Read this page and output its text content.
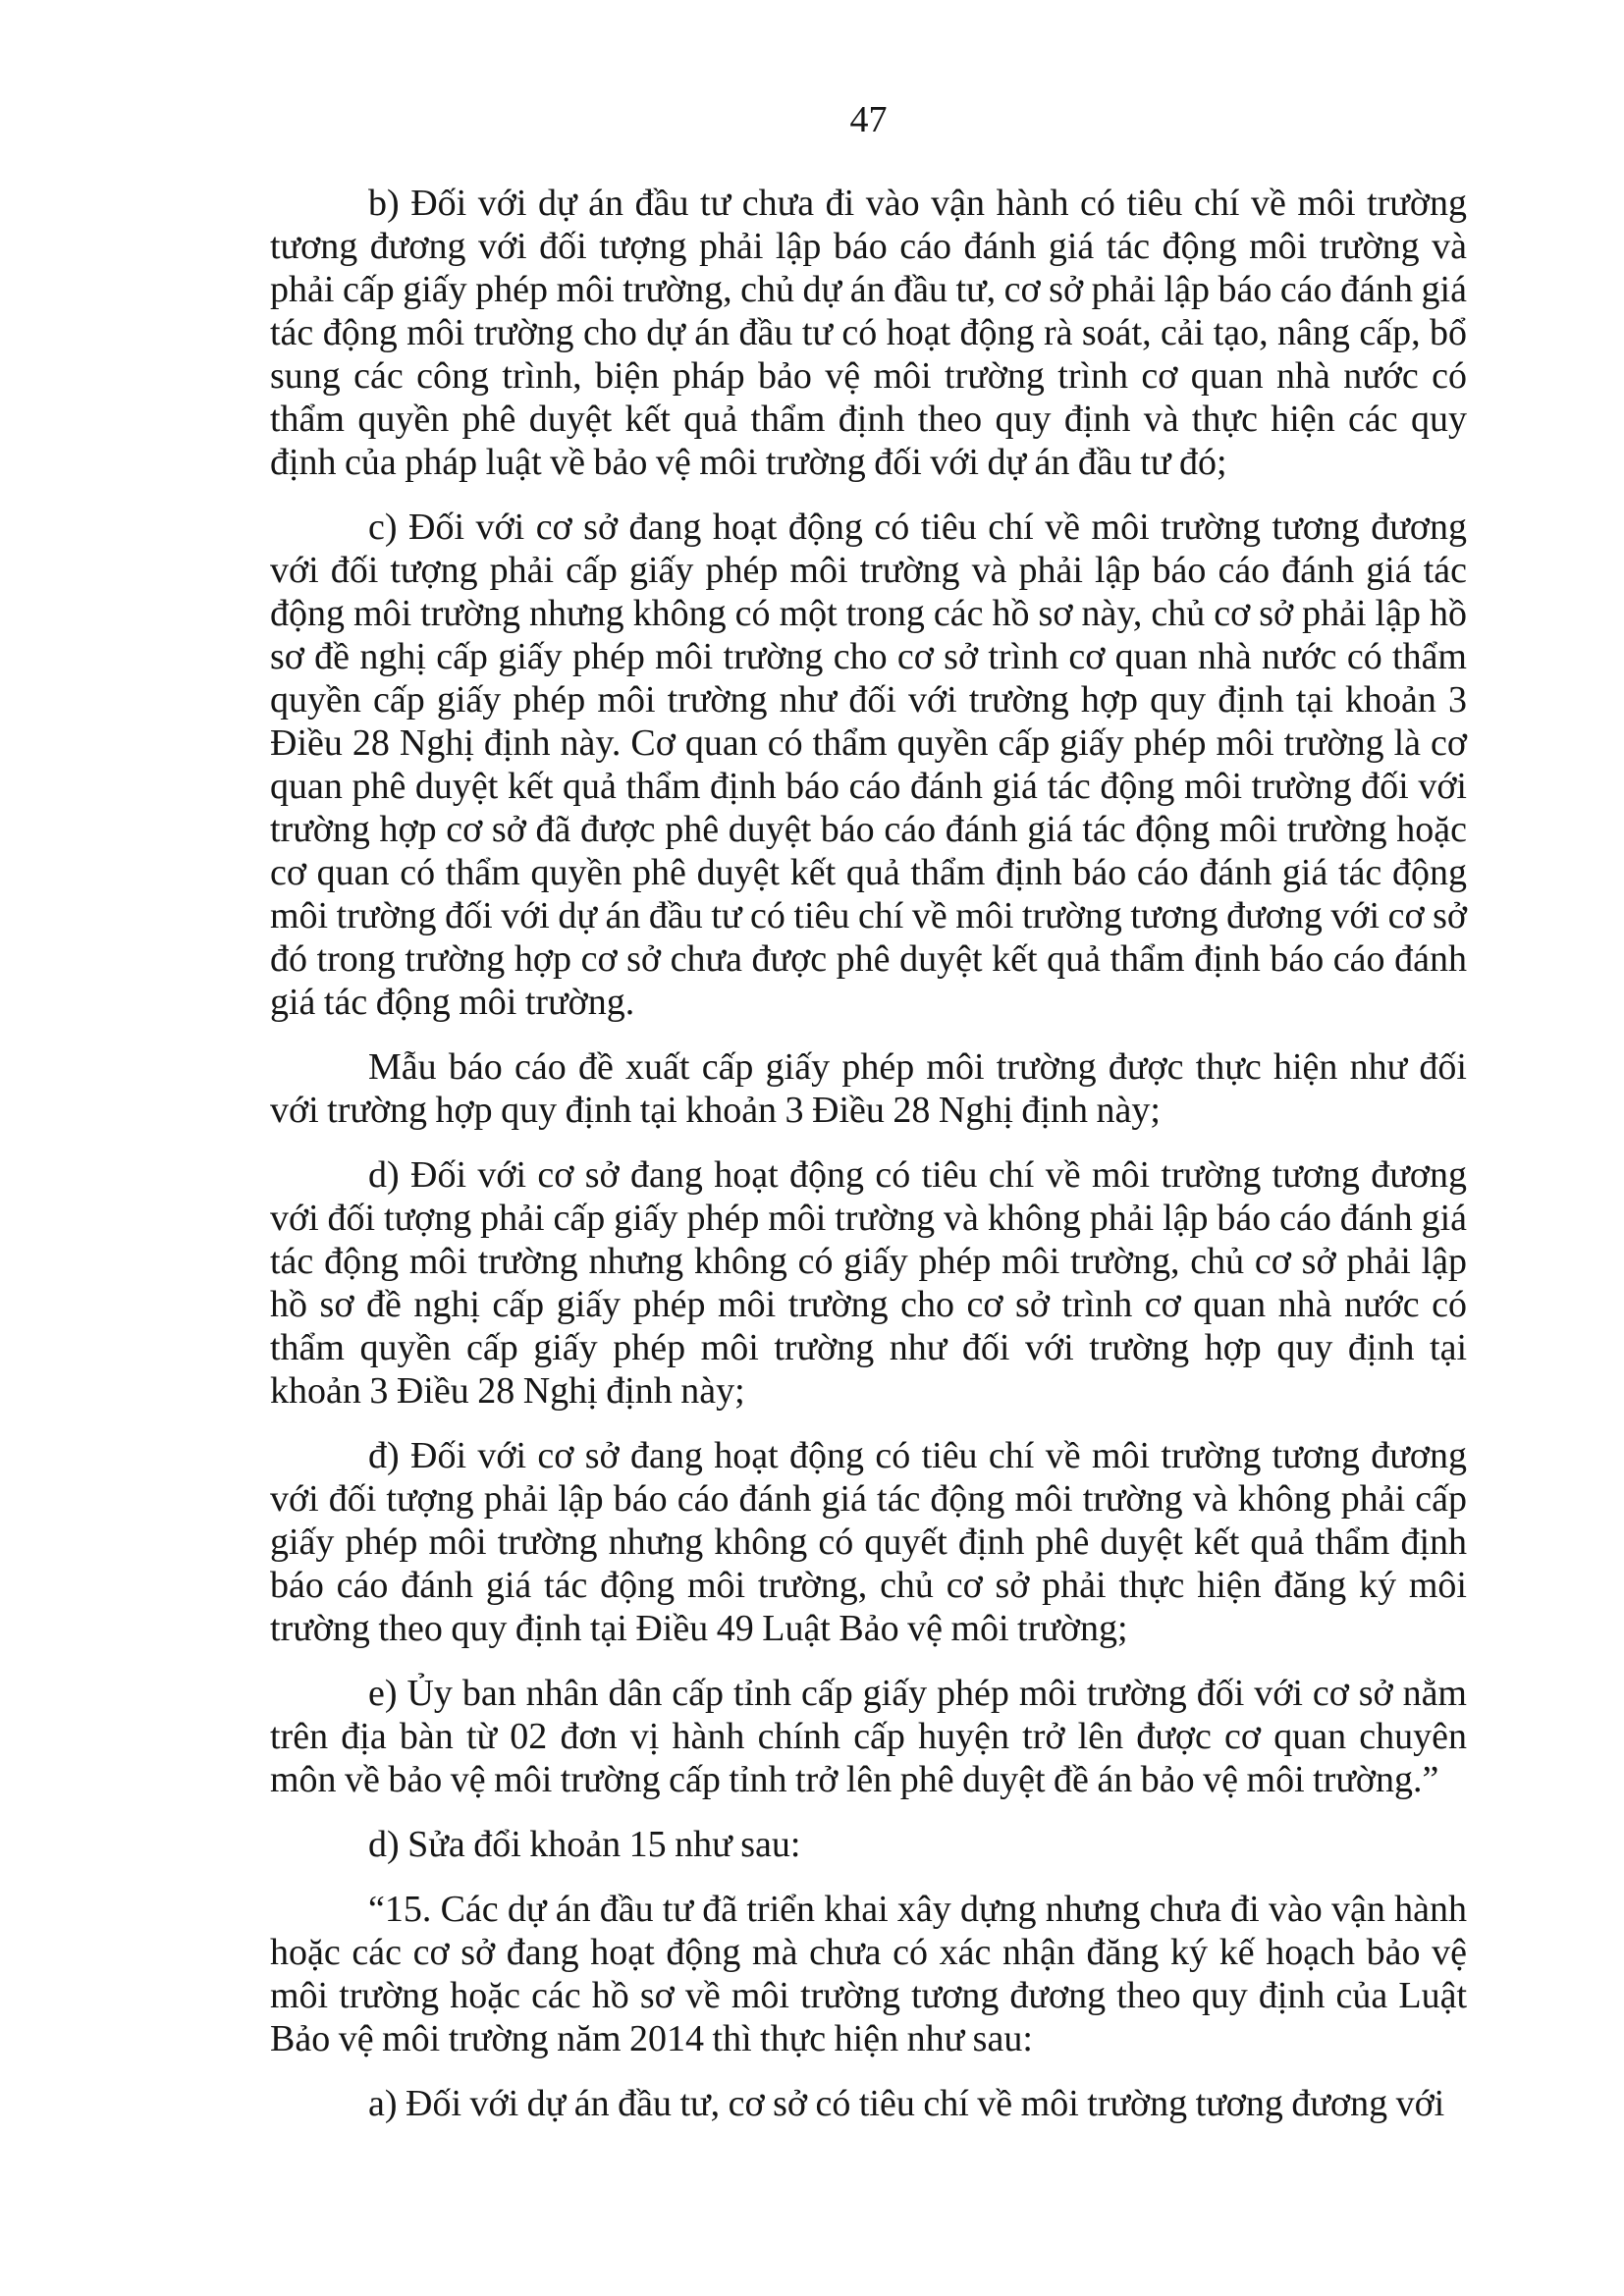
47

b) Đối với dự án đầu tư chưa đi vào vận hành có tiêu chí về môi trường tương đương với đối tượng phải lập báo cáo đánh giá tác động môi trường và phải cấp giấy phép môi trường, chủ dự án đầu tư, cơ sở phải lập báo cáo đánh giá tác động môi trường cho dự án đầu tư có hoạt động rà soát, cải tạo, nâng cấp, bổ sung các công trình, biện pháp bảo vệ môi trường trình cơ quan nhà nước có thẩm quyền phê duyệt kết quả thẩm định theo quy định và thực hiện các quy định của pháp luật về bảo vệ môi trường đối với dự án đầu tư đó;

c) Đối với cơ sở đang hoạt động có tiêu chí về môi trường tương đương với đối tượng phải cấp giấy phép môi trường và phải lập báo cáo đánh giá tác động môi trường nhưng không có một trong các hồ sơ này, chủ cơ sở phải lập hồ sơ đề nghị cấp giấy phép môi trường cho cơ sở trình cơ quan nhà nước có thẩm quyền cấp giấy phép môi trường như đối với trường hợp quy định tại khoản 3 Điều 28 Nghị định này. Cơ quan có thẩm quyền cấp giấy phép môi trường là cơ quan phê duyệt kết quả thẩm định báo cáo đánh giá tác động môi trường đối với trường hợp cơ sở đã được phê duyệt báo cáo đánh giá tác động môi trường hoặc cơ quan có thẩm quyền phê duyệt kết quả thẩm định báo cáo đánh giá tác động môi trường đối với dự án đầu tư có tiêu chí về môi trường tương đương với cơ sở đó trong trường hợp cơ sở chưa được phê duyệt kết quả thẩm định báo cáo đánh giá tác động môi trường.

Mẫu báo cáo đề xuất cấp giấy phép môi trường được thực hiện như đối với trường hợp quy định tại khoản 3 Điều 28 Nghị định này;

d) Đối với cơ sở đang hoạt động có tiêu chí về môi trường tương đương với đối tượng phải cấp giấy phép môi trường và không phải lập báo cáo đánh giá tác động môi trường nhưng không có giấy phép môi trường, chủ cơ sở phải lập hồ sơ đề nghị cấp giấy phép môi trường cho cơ sở trình cơ quan nhà nước có thẩm quyền cấp giấy phép môi trường như đối với trường hợp quy định tại khoản 3 Điều 28 Nghị định này;

đ) Đối với cơ sở đang hoạt động có tiêu chí về môi trường tương đương với đối tượng phải lập báo cáo đánh giá tác động môi trường và không phải cấp giấy phép môi trường nhưng không có quyết định phê duyệt kết quả thẩm định báo cáo đánh giá tác động môi trường, chủ cơ sở phải thực hiện đăng ký môi trường theo quy định tại Điều 49 Luật Bảo vệ môi trường;

e) Ủy ban nhân dân cấp tỉnh cấp giấy phép môi trường đối với cơ sở nằm trên địa bàn từ 02 đơn vị hành chính cấp huyện trở lên được cơ quan chuyên môn về bảo vệ môi trường cấp tỉnh trở lên phê duyệt đề án bảo vệ môi trường.”

d) Sửa đổi khoản 15 như sau:

“15. Các dự án đầu tư đã triển khai xây dựng nhưng chưa đi vào vận hành hoặc các cơ sở đang hoạt động mà chưa có xác nhận đăng ký kế hoạch bảo vệ môi trường hoặc các hồ sơ về môi trường tương đương theo quy định của Luật Bảo vệ môi trường năm 2014 thì thực hiện như sau:

a) Đối với dự án đầu tư, cơ sở có tiêu chí về môi trường tương đương với
